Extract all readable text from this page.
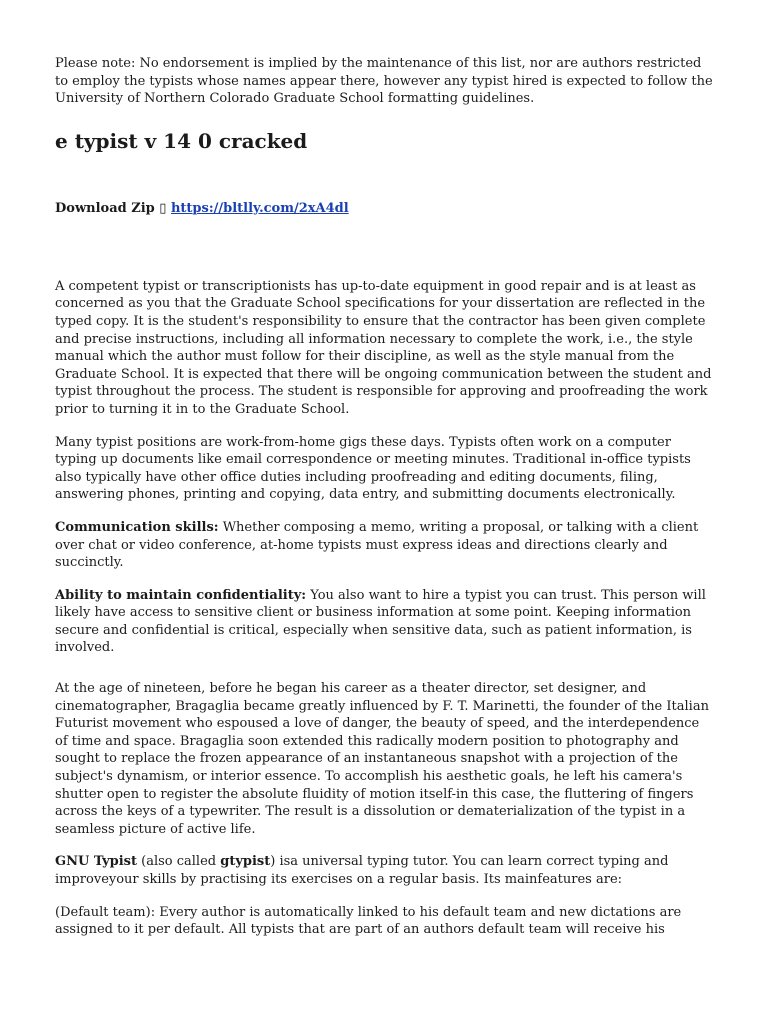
Please note: No endorsement is implied by the maintenance of this list, nor are authors restricted to employ the typists whose names appear there, however any typist hired is expected to follow the University of Northern Colorado Graduate School formatting guidelines.

e typist v 14 0 cracked
Download Zip ▯ https://bltlly.com/2xA4dl

A competent typist or transcriptionists has up-to-date equipment in good repair and is at least as concerned as you that the Graduate School specifications for your dissertation are reflected in the typed copy. It is the student's responsibility to ensure that the contractor has been given complete and precise instructions, including all information necessary to complete the work, i.e., the style manual which the author must follow for their discipline, as well as the style manual from the Graduate School. It is expected that there will be ongoing communication between the student and typist throughout the process. The student is responsible for approving and proofreading the work prior to turning it in to the Graduate School.

Many typist positions are work-from-home gigs these days. Typists often work on a computer typing up documents like email correspondence or meeting minutes. Traditional in-office typists also typically have other office duties including proofreading and editing documents, filing, answering phones, printing and copying, data entry, and submitting documents electronically.

Communication skills: Whether composing a memo, writing a proposal, or talking with a client over chat or video conference, at-home typists must express ideas and directions clearly and succinctly.

Ability to maintain confidentiality: You also want to hire a typist you can trust. This person will likely have access to sensitive client or business information at some point. Keeping information secure and confidential is critical, especially when sensitive data, such as patient information, is involved.

At the age of nineteen, before he began his career as a theater director, set designer, and cinematographer, Bragaglia became greatly influenced by F. T. Marinetti, the founder of the Italian Futurist movement who espoused a love of danger, the beauty of speed, and the interdependence of time and space. Bragaglia soon extended this radically modern position to photography and sought to replace the frozen appearance of an instantaneous snapshot with a projection of the subject's dynamism, or interior essence. To accomplish his aesthetic goals, he left his camera's shutter open to register the absolute fluidity of motion itself-in this case, the fluttering of fingers across the keys of a typewriter. The result is a dissolution or dematerialization of the typist in a seamless picture of active life.

GNU Typist (also called gtypist) isa universal typing tutor. You can learn correct typing and improveyour skills by practising its exercises on a regular basis. Its mainfeatures are:

(Default team): Every author is automatically linked to his default team and new dictations are assigned to it per default. All typists that are part of an authors default team will receive his
